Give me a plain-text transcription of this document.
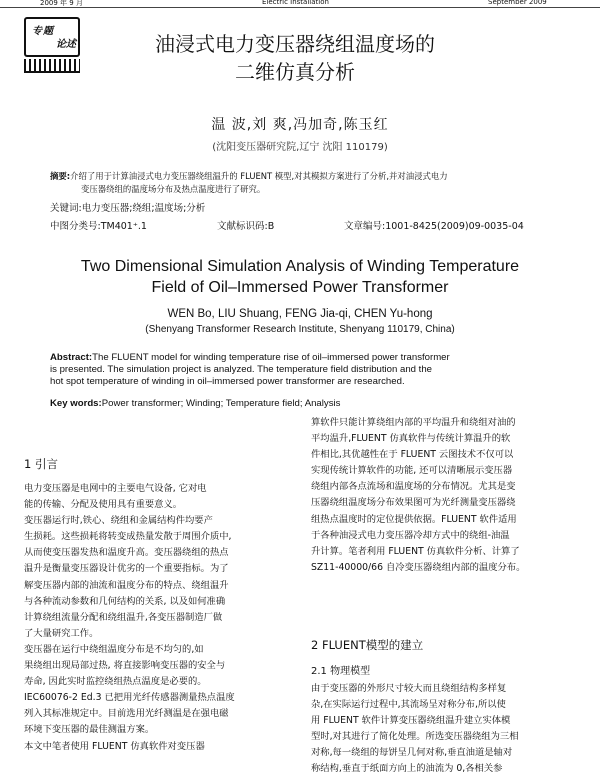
2009 年 9 月	Electric Installation	September 2009
专题
论述	油浸式电力变压器绕组温度场的
二维仿真分析
温 波,刘 爽,冯加奇,陈玉红
(沈阳变压器研究院,辽宁 沈阳 110179)
摘要:介绍了用于计算油浸式电力变压器绕组温升的 FLUENT 模型,对其模拟方案进行了分析,并对油浸式电力
变压器绕组的温度场分布及热点温度进行了研究。
关键词:电力变压器;绕组;温度场;分析
中图分类号:TM401⁺.1	文献标识码:B	文章编号:1001-8425(2009)09-0035-04
Two Dimensional Simulation Analysis of Winding Temperature
Field of Oil–Immersed Power Transformer
WEN Bo, LIU Shuang, FENG Jia-qi, CHEN Yu-hong
(Shenyang Transformer Research Institute, Shenyang 110179, China)
Abstract:The FLUENT model for winding temperature rise of oil–immersed power transformer
is presented. The simulation project is analyzed. The temperature field distribution and the
hot spot temperature of winding in oil–immersed power transformer are researched.
Key words:Power transformer; Winding; Temperature field; Analysis
1 引言
电力变压器是电网中的主要电气设备, 它对电
能的传输、分配及使用具有重要意义。
变压器运行时,铁心、绕组和金属结构件均要产
生损耗。这些损耗将转变成热量发散于周围介质中,
从而使变压器发热和温度升高。变压器绕组的热点
温升是衡量变压器设计优劣的一个重要指标。为了
解变压器内部的油流和温度分布的特点、绕组温升
与各种流动参数和几何结构的关系, 以及如何准确
计算绕组流量分配和绕组温升,各变压器制造厂做
了大量研究工作。
变压器在运行中绕组温度分布是不均匀的,如
果绕组出现局部过热, 将直接影响变压器的安全与
寿命, 因此实时监控绕组热点温度是必要的。
IEC60076-2 Ed.3 已把用光纤传感器测量热点温度
列入其标准规定中。目前选用光纤测温是在强电磁
环境下变压器的最佳测温方案。
本文中笔者使用 FLUENT 仿真软件对变压器
算软件只能计算绕组内部的平均温升和绕组对油的
平均温升,FLUENT 仿真软件与传统计算温升的软
件相比,其优越性在于 FLUENT 云图技术不仅可以
实现传统计算软件的功能, 还可以清晰展示变压器
绕组内部各点流场和温度场的分布情况。尤其是变
压器绕组温度场分布效果图可为光纤测量变压器绕
组热点温度时的定位提供依据。FLUENT 软件适用
于各种油浸式电力变压器冷却方式中的绕组-油温
升计算。笔者利用 FLUENT 仿真软件分析、计算了
SZ11-40000/66 自冷变压器绕组内部的温度分布。
2 FLUENT模型的建立
2.1 物理模型
由于变压器的外形尺寸较大而且绕组结构多样复
杂,在实际运行过程中,其流场呈对称分布,所以使
用 FLUENT 软件计算变压器绕组温升建立实体模
型时,对其进行了简化处理。所选变压器绕组为三相
对称,每一绕组的每饼呈几何对称,垂直油道是轴对
称结构,垂直于纸面方向上的油流为 0,各相关参
